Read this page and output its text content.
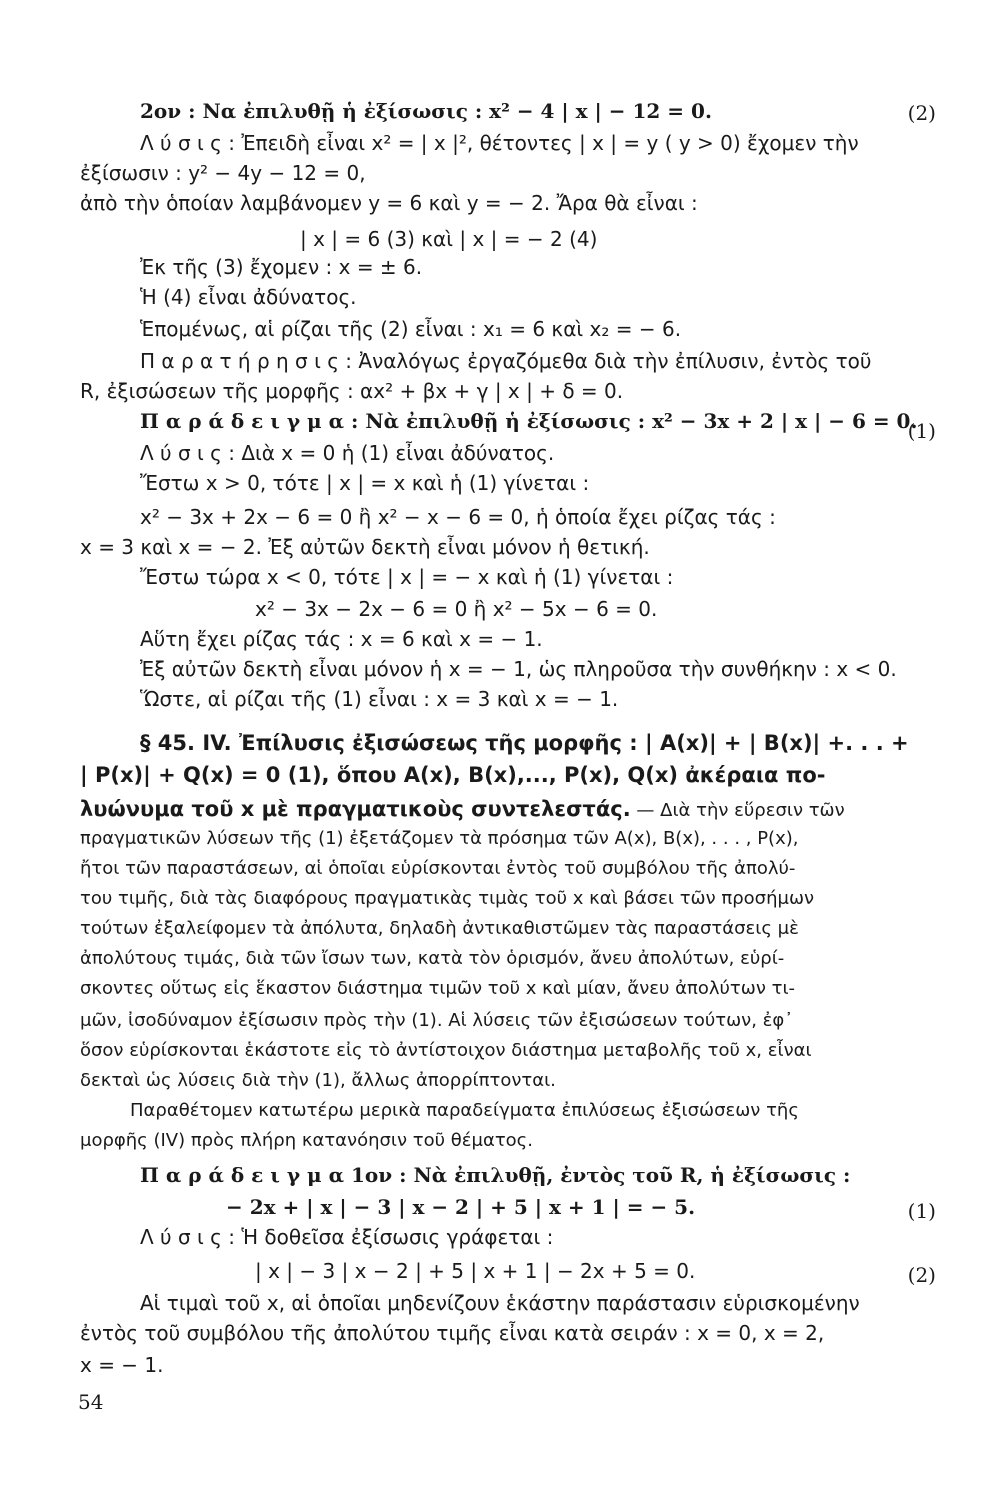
2ον : Να ἐπιλυθῇ ἡ ἐξίσωσις : x² − 4 | x | − 12 = 0.	(2)
Λ ύ σ ι ς : Ἐπειδὴ εἶναι x² = | x |², θέτοντες | x | = y ( y > 0) ἔχομεν τὴν
ἐξίσωσιν : y² − 4y − 12 = 0,
ἀπὸ τὴν ὁποίαν λαμβάνομεν y = 6 καὶ y = − 2. Ἄρα θὰ εἶναι :
| x | = 6 (3) καὶ | x | = − 2 (4)
Ἐκ τῆς (3) ἔχομεν : x = ± 6.
Ἡ (4) εἶναι ἀδύνατος.
Ἑπομένως, αἱ ρίζαι τῆς (2) εἶναι : x₁ = 6 καὶ x₂ = − 6.
Π α ρ α τ ή ρ η σ ι ς : Ἀναλόγως ἐργαζόμεθα διὰ τὴν ἐπίλυσιν, ἐντὸς τοῦ
R, ἐξισώσεων τῆς μορφῆς : αx² + βx + γ | x | + δ = 0.
Π α ρ ά δ ε ι γ μ α : Νὰ ἐπιλυθῇ ἡ ἐξίσωσις : x² − 3x + 2 | x | − 6 = 0.
(1)
Λ ύ σ ι ς : Διὰ x = 0 ἡ (1) εἶναι ἀδύνατος.
Ἔστω x > 0, τότε | x | = x καὶ ἡ (1) γίνεται :
x² − 3x + 2x − 6 = 0 ἢ x² − x − 6 = 0, ἡ ὁποία ἔχει ρίζας τάς :
x = 3 καὶ x = − 2. Ἐξ αὐτῶν δεκτὴ εἶναι μόνον ἡ θετική.
Ἔστω τώρα x < 0, τότε | x | = − x καὶ ἡ (1) γίνεται :
x² − 3x − 2x − 6 = 0 ἢ x² − 5x − 6 = 0.
Αὕτη ἔχει ρίζας τάς : x = 6 καὶ x = − 1.
Ἐξ αὐτῶν δεκτὴ εἶναι μόνον ἡ x = − 1, ὡς πληροῦσα τὴν συνθήκην : x < 0.
Ὥστε, αἱ ρίζαι τῆς (1) εἶναι : x = 3 καὶ x = − 1.
§ 45. IV. Ἐπίλυσις ἐξισώσεως τῆς μορφῆς : | A(x)| + | B(x)| +. . . +
| P(x)| + Q(x) = 0 (1), ὅπου A(x), B(x),..., P(x), Q(x) ἀκέραια πο-
λυώνυμα τοῦ x μὲ πραγματικοὺς συντελεστάς. — Διὰ τὴν εὕρεσιν τῶν
πραγματικῶν λύσεων τῆς (1) ἐξετάζομεν τὰ πρόσημα τῶν A(x), B(x), . . . , P(x),
ἤτοι τῶν παραστάσεων, αἱ ὁποῖαι εὑρίσκονται ἐντὸς τοῦ συμβόλου τῆς ἀπολύ-
του τιμῆς, διὰ τὰς διαφόρους πραγματικὰς τιμὰς τοῦ x καὶ βάσει τῶν προσήμων
τούτων ἐξαλείφομεν τὰ ἀπόλυτα, δηλαδὴ ἀντικαθιστῶμεν τὰς παραστάσεις μὲ
ἀπολύτους τιμάς, διὰ τῶν ἴσων των, κατὰ τὸν ὁρισμόν, ἄνευ ἀπολύτων, εὑρί-
σκοντες οὕτως εἰς ἕκαστον διάστημα τιμῶν τοῦ x καὶ μίαν, ἄνευ ἀπολύτων τι-
μῶν, ἰσοδύναμον ἐξίσωσιν πρὸς τὴν (1). Αἱ λύσεις τῶν ἐξισώσεων τούτων, ἐφ᾿
ὅσον εὑρίσκονται ἑκάστοτε εἰς τὸ ἀντίστοιχον διάστημα μεταβολῆς τοῦ x, εἶναι
δεκταὶ ὡς λύσεις διὰ τὴν (1), ἄλλως ἀπορρίπτονται.
Παραθέτομεν κατωτέρω μερικὰ παραδείγματα ἐπιλύσεως ἐξισώσεων τῆς
μορφῆς (IV) πρὸς πλήρη κατανόησιν τοῦ θέματος.
Π α ρ ά δ ε ι γ μ α 1ον : Νὰ ἐπιλυθῇ, ἐντὸς τοῦ R, ἡ ἐξίσωσις :
− 2x + | x | − 3 | x − 2 | + 5 | x + 1 | = − 5.	(1)
Λ ύ σ ι ς : Ἡ δοθεῖσα ἐξίσωσις γράφεται :
| x | − 3 | x − 2 | + 5 | x + 1 | − 2x + 5 = 0.	(2)
Αἱ τιμαὶ τοῦ x, αἱ ὁποῖαι μηδενίζουν ἑκάστην παράστασιν εὑρισκομένην
ἐντὸς τοῦ συμβόλου τῆς ἀπολύτου τιμῆς εἶναι κατὰ σειράν : x = 0, x = 2,
x = − 1.
54
